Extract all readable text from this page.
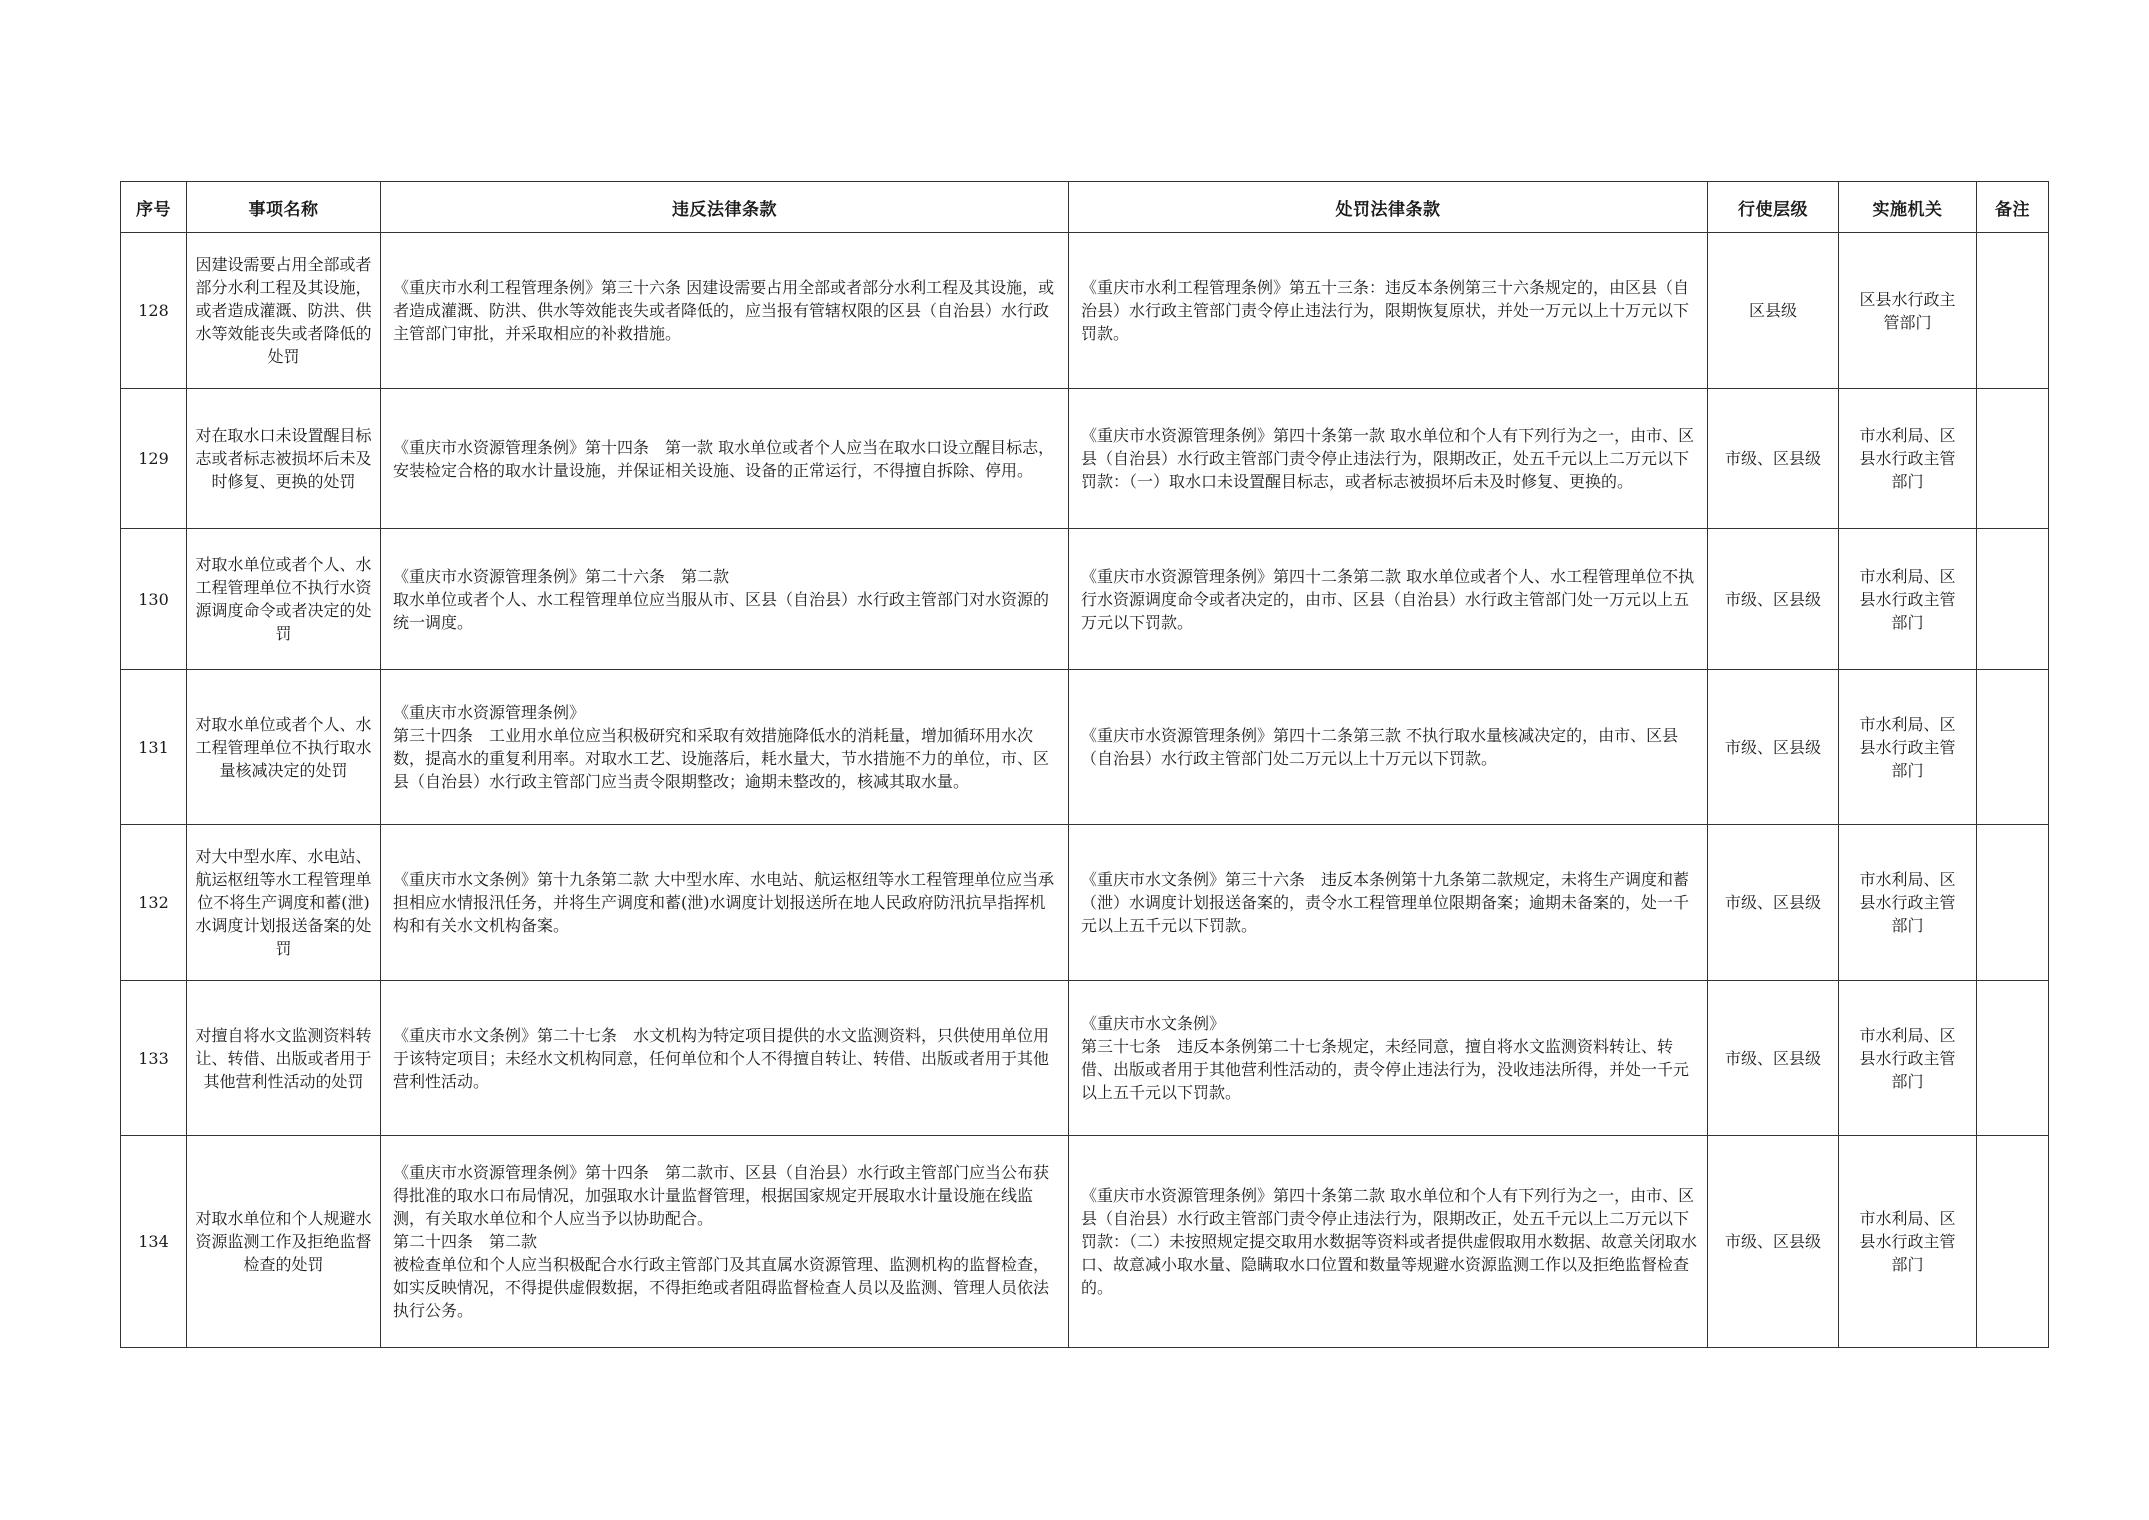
序号	事项名称	违反法律条款	处罚法律条款	行使层级	实施机关	备注
128	因建设需要占用全部或者部分水利工程及其设施，或者造成灌溉、防洪、供水等效能丧失或者降低的处罚	《重庆市水利工程管理条例》第三十六条 因建设需要占用全部或者部分水利工程及其设施，或者造成灌溉、防洪、供水等效能丧失或者降低的，应当报有管辖权限的区县（自治县）水行政主管部门审批，并采取相应的补救措施。	《重庆市水利工程管理条例》第五十三条：违反本条例第三十六条规定的，由区县（自治县）水行政主管部门责令停止违法行为，限期恢复原状，并处一万元以上十万元以下罚款。	区县级	区县水行政主管部门	
129	对在取水口未设置醒目标志或者标志被损坏后未及时修复、更换的处罚	《重庆市水资源管理条例》第十四条　第一款 取水单位或者个人应当在取水口设立醒目标志，安装检定合格的取水计量设施，并保证相关设施、设备的正常运行，不得擅自拆除、停用。	《重庆市水资源管理条例》第四十条第一款 取水单位和个人有下列行为之一，由市、区县（自治县）水行政主管部门责令停止违法行为，限期改正，处五千元以上二万元以下罚款：（一）取水口未设置醒目标志，或者标志被损坏后未及时修复、更换的。	市级、区县级	市水利局、区县水行政主管部门	
130	对取水单位或者个人、水工程管理单位不执行水资源调度命令或者决定的处罚	《重庆市水资源管理条例》第二十六条　第二款
取水单位或者个人、水工程管理单位应当服从市、区县（自治县）水行政主管部门对水资源的统一调度。	《重庆市水资源管理条例》第四十二条第二款 取水单位或者个人、水工程管理单位不执行水资源调度命令或者决定的，由市、区县（自治县）水行政主管部门处一万元以上五万元以下罚款。	市级、区县级	市水利局、区县水行政主管部门	
131	对取水单位或者个人、水工程管理单位不执行取水量核减决定的处罚	《重庆市水资源管理条例》
第三十四条　工业用水单位应当积极研究和采取有效措施降低水的消耗量，增加循环用水次数，提高水的重复利用率。对取水工艺、设施落后，耗水量大，节水措施不力的单位，市、区县（自治县）水行政主管部门应当责令限期整改；逾期未整改的，核减其取水量。	《重庆市水资源管理条例》第四十二条第三款 不执行取水量核减决定的，由市、区县（自治县）水行政主管部门处二万元以上十万元以下罚款。	市级、区县级	市水利局、区县水行政主管部门	
132	对大中型水库、水电站、航运枢纽等水工程管理单位不将生产调度和蓄(泄)水调度计划报送备案的处罚	《重庆市水文条例》第十九条第二款 大中型水库、水电站、航运枢纽等水工程管理单位应当承担相应水情报汛任务，并将生产调度和蓄(泄)水调度计划报送所在地人民政府防汛抗旱指挥机构和有关水文机构备案。	《重庆市水文条例》第三十六条　违反本条例第十九条第二款规定，未将生产调度和蓄（泄）水调度计划报送备案的，责令水工程管理单位限期备案；逾期未备案的，处一千元以上五千元以下罚款。	市级、区县级	市水利局、区县水行政主管部门	
133	对擅自将水文监测资料转让、转借、出版或者用于其他营利性活动的处罚	《重庆市水文条例》第二十七条　水文机构为特定项目提供的水文监测资料，只供使用单位用于该特定项目；未经水文机构同意，任何单位和个人不得擅自转让、转借、出版或者用于其他营利性活动。	《重庆市水文条例》
第三十七条　违反本条例第二十七条规定，未经同意，擅自将水文监测资料转让、转借、出版或者用于其他营利性活动的，责令停止违法行为，没收违法所得，并处一千元以上五千元以下罚款。	市级、区县级	市水利局、区县水行政主管部门	
134	对取水单位和个人规避水资源监测工作及拒绝监督检查的处罚	《重庆市水资源管理条例》第十四条　第二款市、区县（自治县）水行政主管部门应当公布获得批准的取水口布局情况，加强取水计量监督管理，根据国家规定开展取水计量设施在线监测，有关取水单位和个人应当予以协助配合。
第二十四条　第二款
被检查单位和个人应当积极配合水行政主管部门及其直属水资源管理、监测机构的监督检查，如实反映情况，不得提供虚假数据，不得拒绝或者阻碍监督检查人员以及监测、管理人员依法执行公务。	《重庆市水资源管理条例》第四十条第二款 取水单位和个人有下列行为之一，由市、区县（自治县）水行政主管部门责令停止违法行为，限期改正，处五千元以上二万元以下罚款：（二）未按照规定提交取用水数据等资料或者提供虚假取用水数据、故意关闭取水口、故意减小取水量、隐瞒取水口位置和数量等规避水资源监测工作以及拒绝监督检查的。	市级、区县级	市水利局、区县水行政主管部门	
